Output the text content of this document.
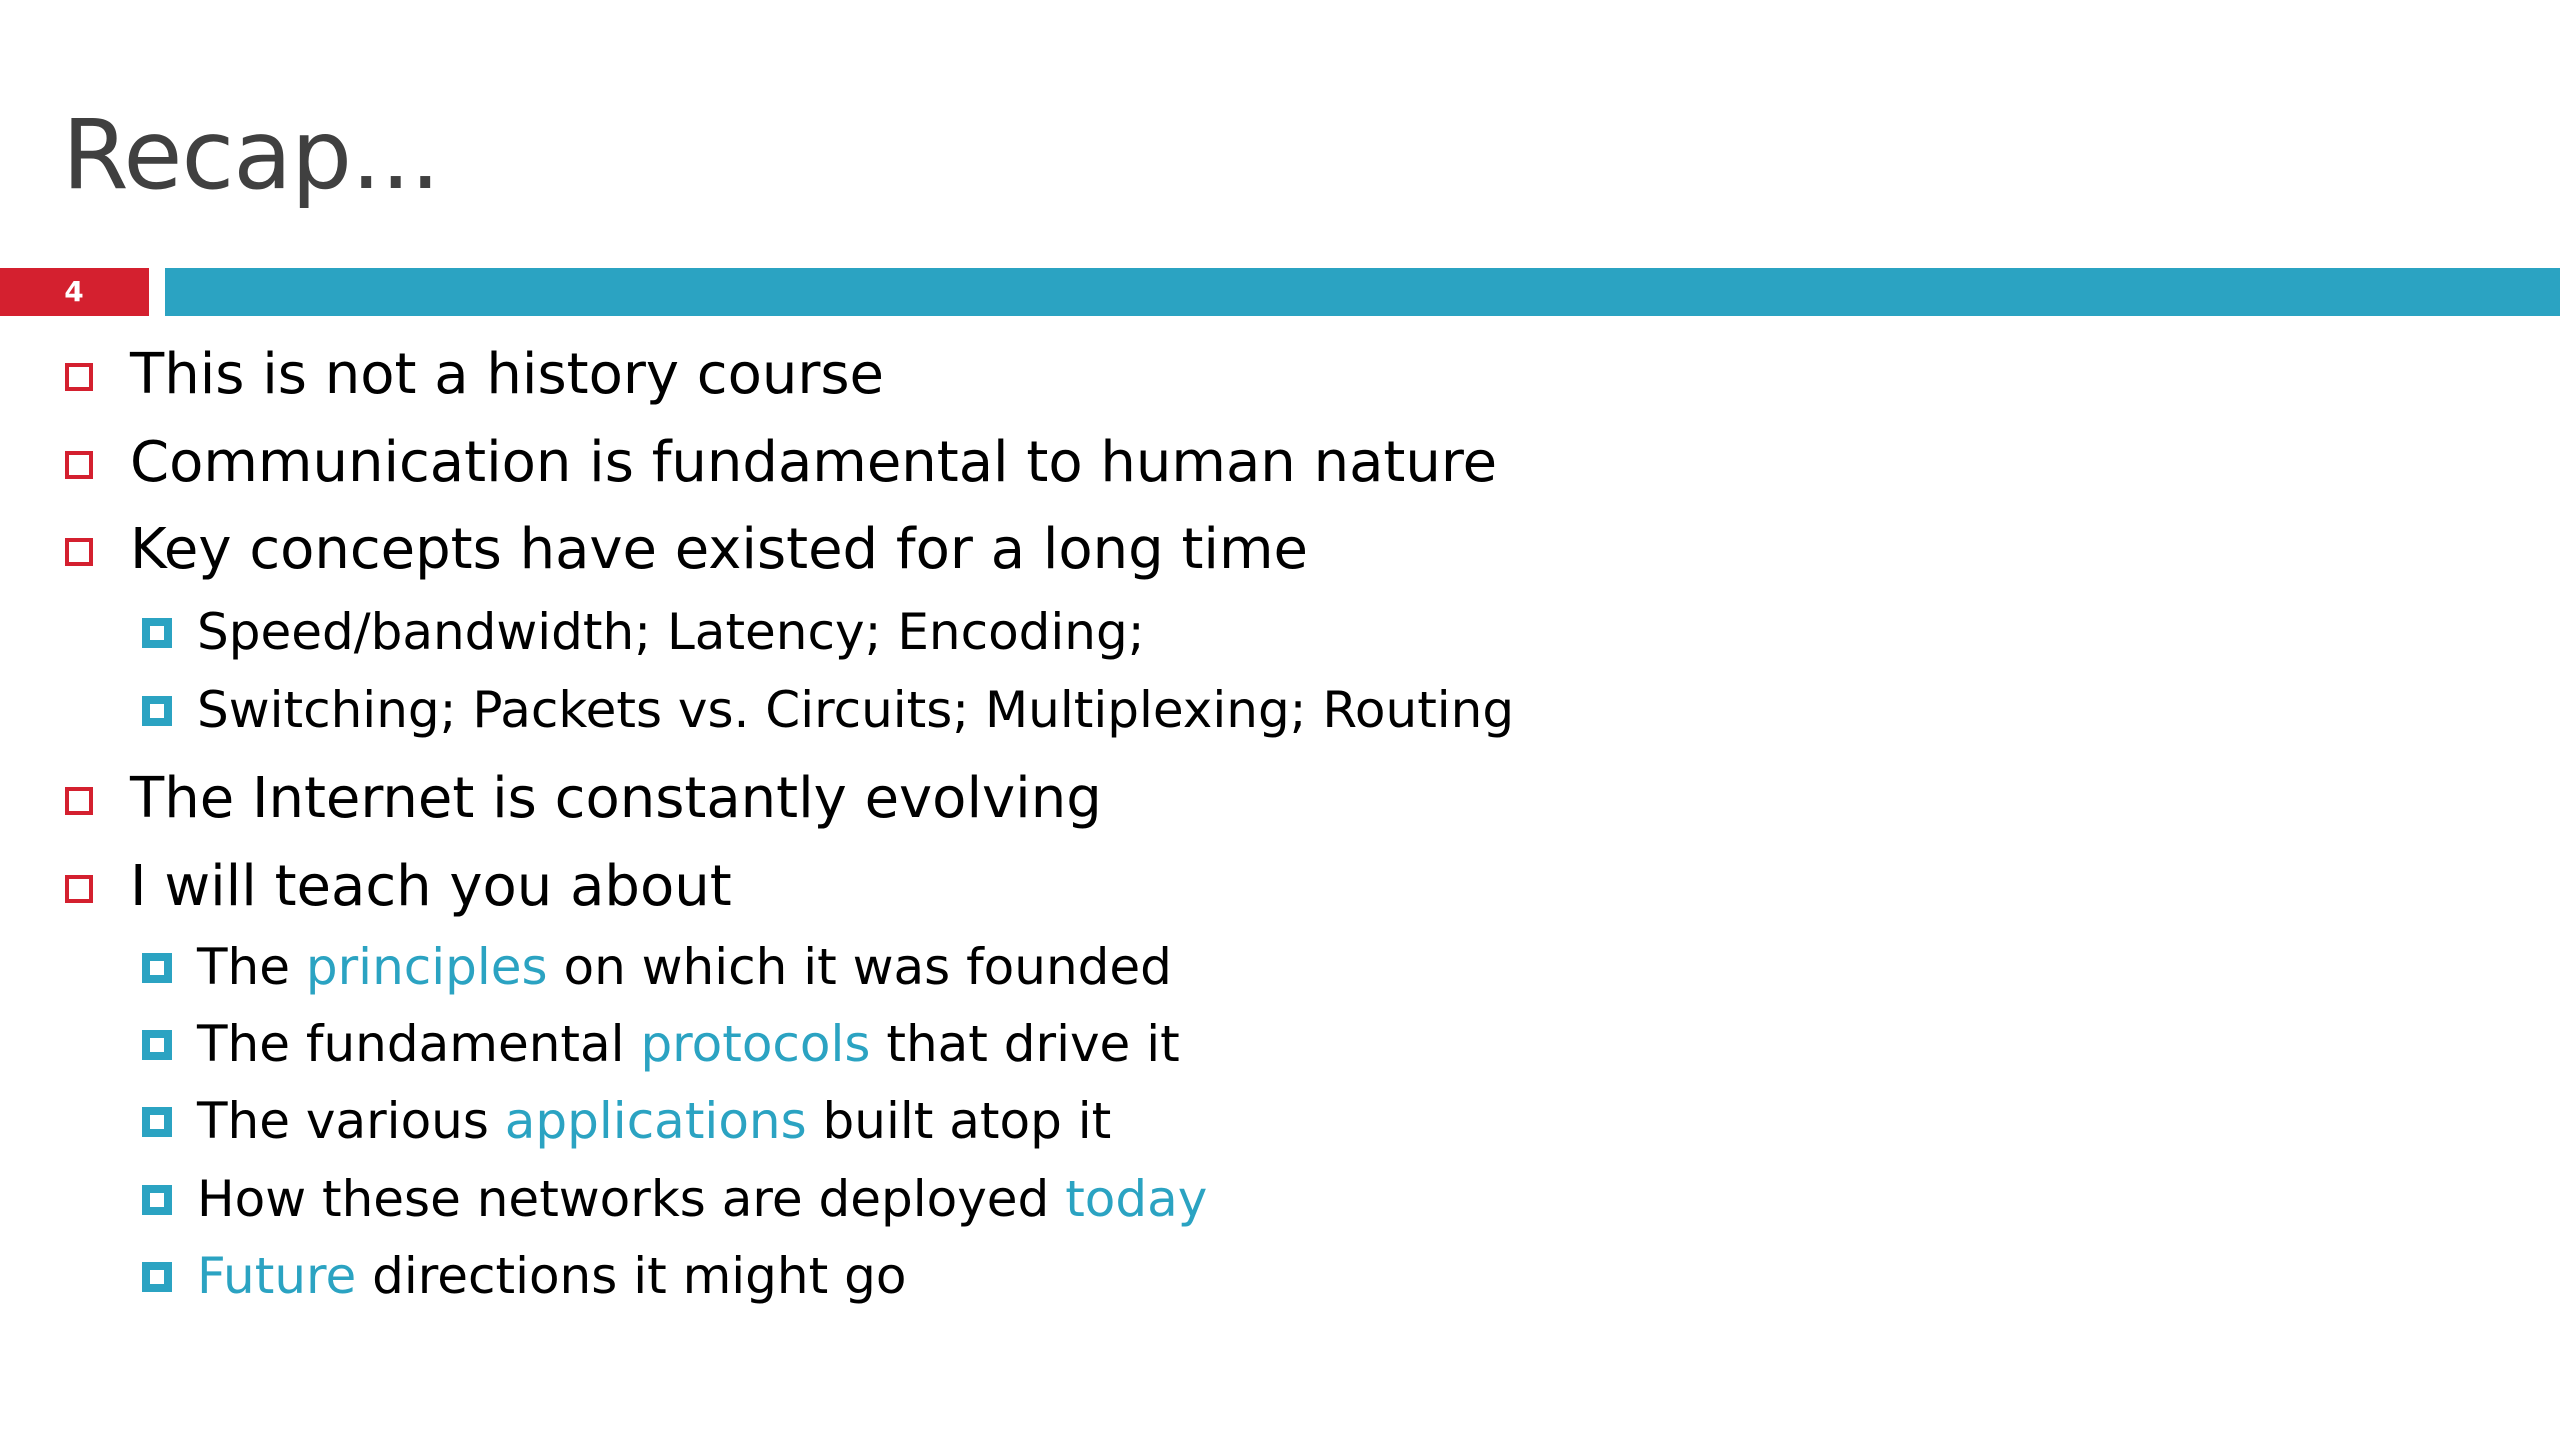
Recap...
4
This is not a history course
Communication is fundamental to human nature
Key concepts have existed for a long time
Speed/bandwidth; Latency; Encoding;
Switching; Packets vs. Circuits; Multiplexing; Routing
The Internet is constantly evolving
I will teach you about
The principles on which it was founded
The fundamental protocols that drive it
The various applications built atop it
How these networks are deployed today
Future directions it might go
